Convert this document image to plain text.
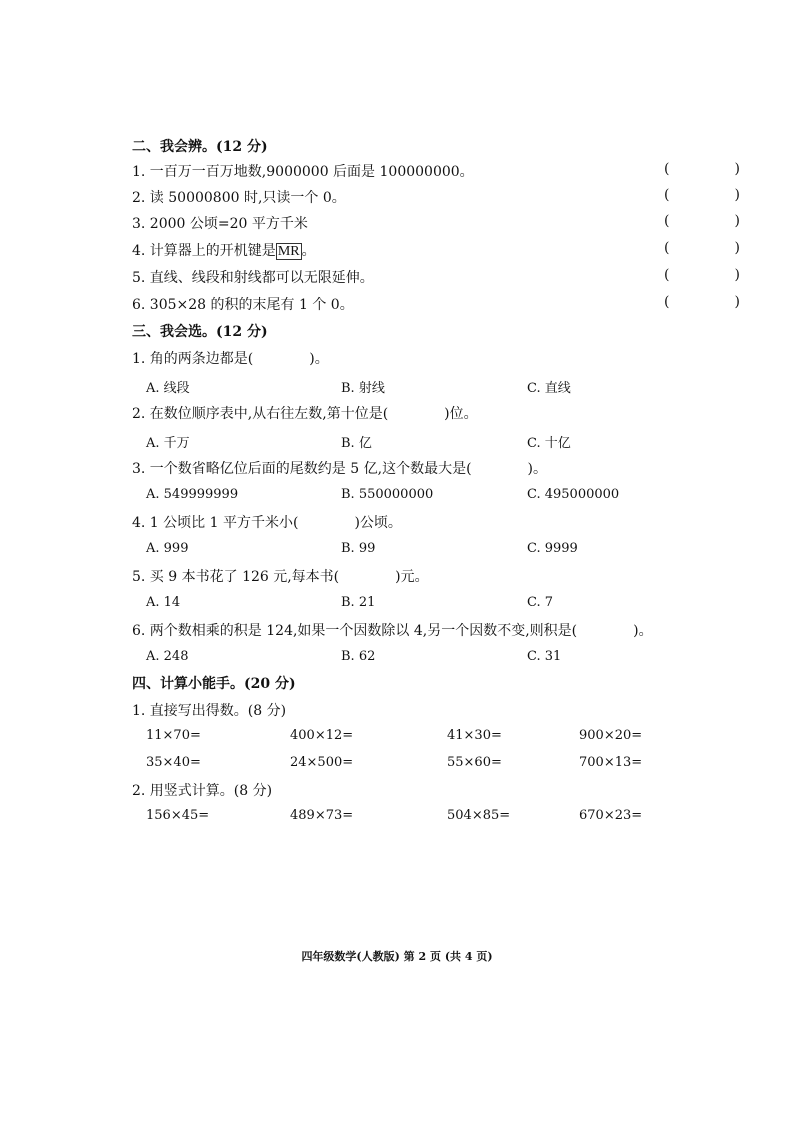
二、我会辨。(12 分)
1. 一百万一百万地数,9000000 后面是 100000000。	(	)
2. 读 50000800 时,只读一个 0。	(	)
3. 2000 公顷=20 平方千米	(	)
4. 计算器上的开机键是 MR 。	(	)
5. 直线、线段和射线都可以无限延伸。	(	)
6. 305×28 的积的末尾有 1 个 0。	(	)
三、我会选。(12 分)
1. 角的两条边都是(	)。
A. 线段	B. 射线	C. 直线
2. 在数位顺序表中,从右往左数,第十位是(	)位。
A. 千万	B. 亿	C. 十亿
3. 一个数省略亿位后面的尾数约是 5 亿,这个数最大是(	)。
A. 549999999	B. 550000000	C. 495000000
4. 1 公顷比 1 平方千米小(	)公顷。
A. 999	B. 99	C. 9999
5. 买 9 本书花了 126 元,每本书(	)元。
A. 14	B. 21	C. 7
6. 两个数相乘的积是 124,如果一个因数除以 4,另一个因数不变,则积是(	)。
A. 248	B. 62	C. 31
四、计算小能手。(20 分)
1. 直接写出得数。(8 分)
11×70=	400×12=	41×30=	900×20=
35×40=	24×500=	55×60=	700×13=
2. 用竖式计算。(8 分)
156×45=	489×73=	504×85=	670×23=
四年级数学(人教版) 第 2 页 (共 4 页)
